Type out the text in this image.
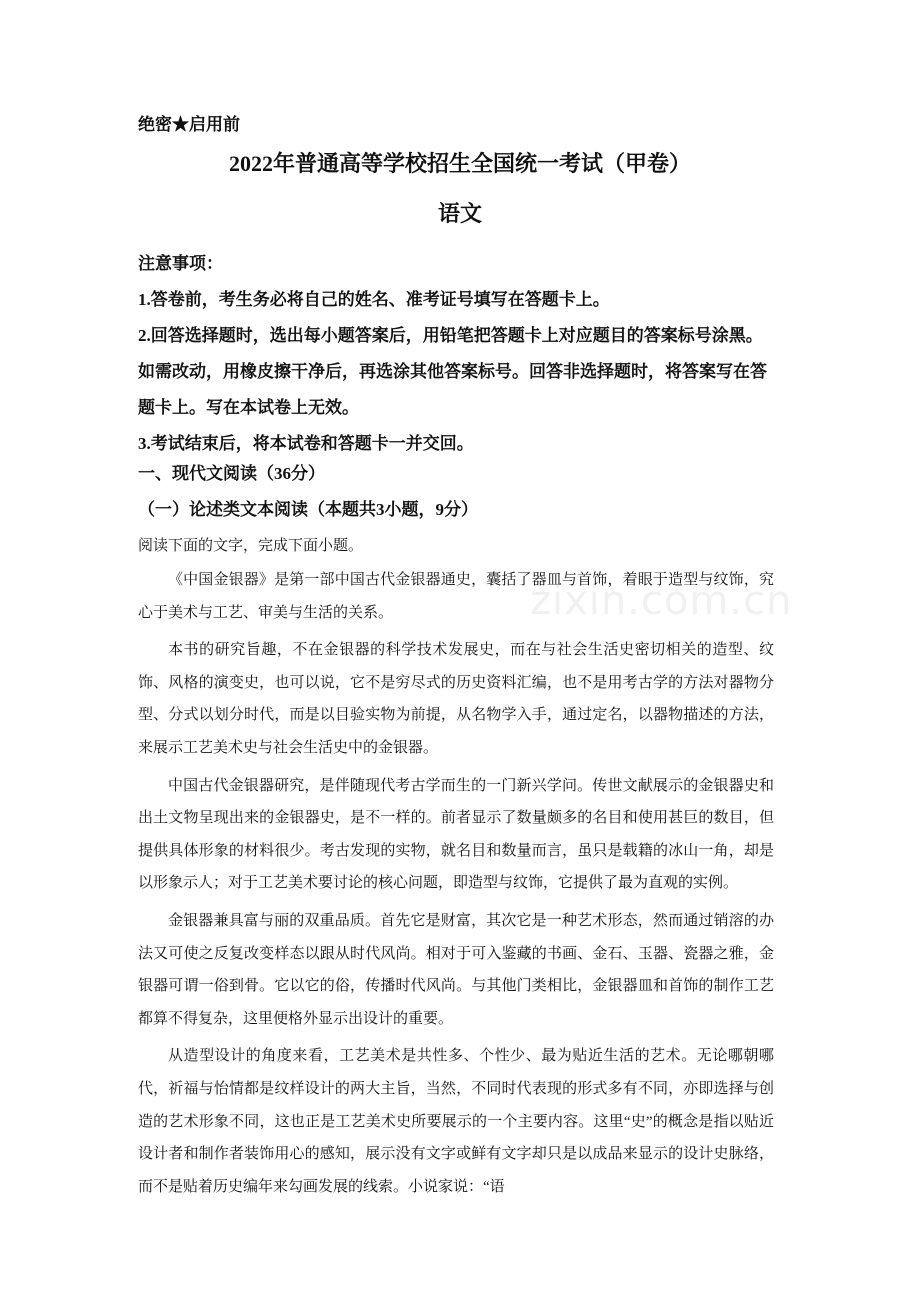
绝密★启用前
2022年普通高等学校招生全国统一考试（甲卷）
语文

注意事项：

1.答卷前，考生务必将自己的姓名、准考证号填写在答题卡上。

2.回答选择题时，选出每小题答案后，用铅笔把答题卡上对应题目的答案标号涂黑。如需改动，用橡皮擦干净后，再选涂其他答案标号。回答非选择题时，将答案写在答题卡上。写在本试卷上无效。

3.考试结束后，将本试卷和答题卡一并交回。

一、现代文阅读（36分）

（一）论述类文本阅读（本题共3小题，9分）

阅读下面的文字，完成下面小题。

zixin.com.cn

《中国金银器》是第一部中国古代金银器通史，囊括了器皿与首饰，着眼于造型与纹饰，究心于美术与工艺、审美与生活的关系。

本书的研究旨趣，不在金银器的科学技术发展史，而在与社会生活史密切相关的造型、纹饰、风格的演变史，也可以说，它不是穷尽式的历史资料汇编，也不是用考古学的方法对器物分型、分式以划分时代，而是以目验实物为前提，从名物学入手，通过定名，以器物描述的方法，来展示工艺美术史与社会生活史中的金银器。

中国古代金银器研究，是伴随现代考古学而生的一门新兴学问。传世文献展示的金银器史和出土文物呈现出来的金银器史，是不一样的。前者显示了数量颇多的名目和使用甚巨的数目，但提供具体形象的材料很少。考古发现的实物，就名目和数量而言，虽只是载籍的冰山一角，却是以形象示人；对于工艺美术要讨论的核心问题，即造型与纹饰，它提供了最为直观的实例。

金银器兼具富与丽的双重品质。首先它是财富，其次它是一种艺术形态，然而通过销溶的办法又可使之反复改变样态以跟从时代风尚。相对于可入鉴藏的书画、金石、玉器、瓷器之雅，金银器可谓一俗到骨。它以它的俗，传播时代风尚。与其他门类相比，金银器皿和首饰的制作工艺都算不得复杂，这里便格外显示出设计的重要。

从造型设计的角度来看，工艺美术是共性多、个性少、最为贴近生活的艺术。无论哪朝哪代，祈福与怡情都是纹样设计的两大主旨，当然，不同时代表现的形式多有不同，亦即选择与创造的艺术形象不同，这也正是工艺美术史所要展示的一个主要内容。这里“史”的概念是指以贴近设计者和制作者装饰用心的感知，展示没有文字或鲜有文字却只是以成品来显示的设计史脉络，而不是贴着历史编年来勾画发展的线索。小说家说：“语
